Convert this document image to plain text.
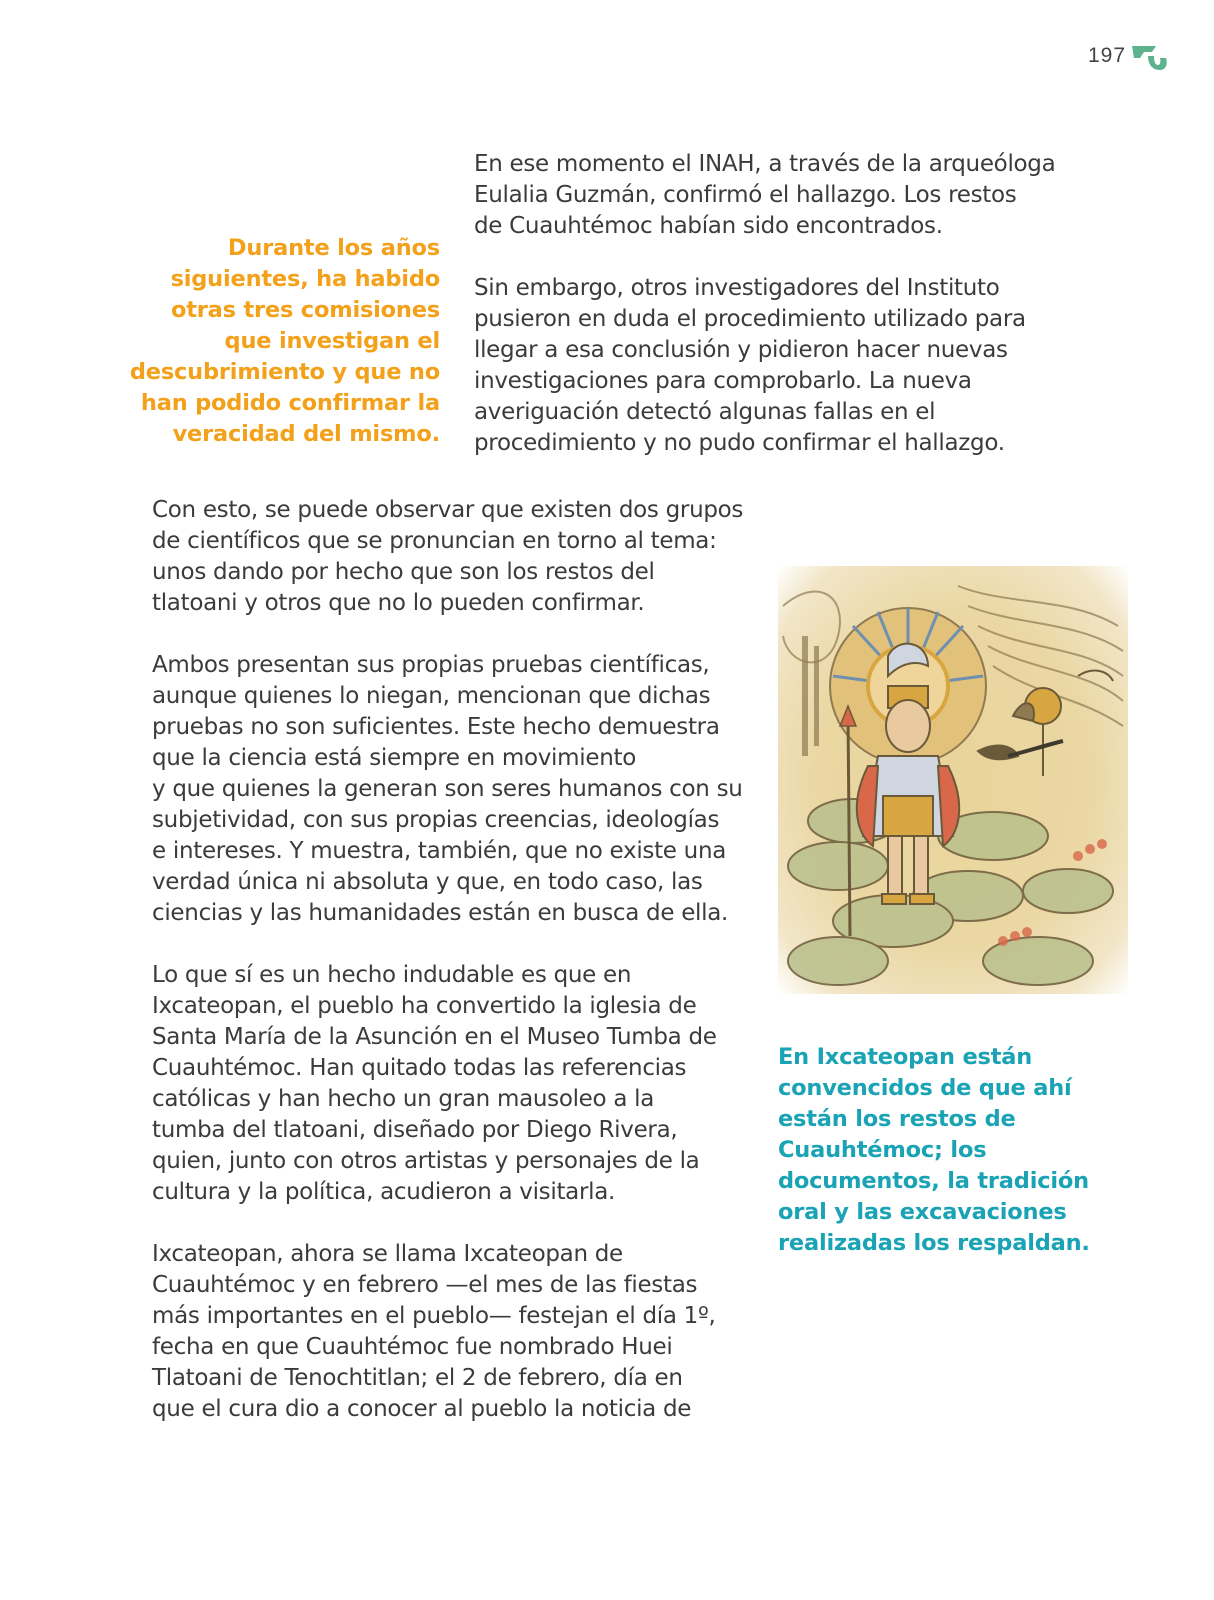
197

En ese momento el INAH, a través de la arqueóloga
Eulalia Guzmán, confirmó el hallazgo. Los restos
de Cuauhtémoc habían sido encontrados.

Sin embargo, otros investigadores del Instituto
pusieron en duda el procedimiento utilizado para
llegar a esa conclusión y pidieron hacer nuevas
investigaciones para comprobarlo. La nueva
averiguación detectó algunas fallas en el
procedimiento y no pudo confirmar el hallazgo.

Durante los años
siguientes, ha habido
otras tres comisiones
que investigan el
descubrimiento y que no
han podido confirmar la
veracidad del mismo.

Con esto, se puede observar que existen dos grupos
de científicos que se pronuncian en torno al tema:
unos dando por hecho que son los restos del
tlatoani y otros que no lo pueden confirmar.

Ambos presentan sus propias pruebas científicas,
aunque quienes lo niegan, mencionan que dichas
pruebas no son suficientes. Este hecho demuestra
que la ciencia está siempre en movimiento
y que quienes la generan son seres humanos con su
subjetividad, con sus propias creencias, ideologías
e intereses. Y muestra, también, que no existe una
verdad única ni absoluta y que, en todo caso, las
ciencias y las humanidades están en busca de ella.

Lo que sí es un hecho indudable es que en
Ixcateopan, el pueblo ha convertido la iglesia de
Santa María de la Asunción en el Museo Tumba de
Cuauhtémoc. Han quitado todas las referencias
católicas y han hecho un gran mausoleo a la
tumba del tlatoani, diseñado por Diego Rivera,
quien, junto con otros artistas y personajes de la
cultura y la política, acudieron a visitarla.

Ixcateopan, ahora se llama Ixcateopan de
Cuauhtémoc y en febrero —el mes de las fiestas
más importantes en el pueblo— festejan el día 1º,
fecha en que Cuauhtémoc fue nombrado Huei
Tlatoani de Tenochtitlan; el 2 de febrero, día en
que el cura dio a conocer al pueblo la noticia de

En Ixcateopan están
convencidos de que ahí
están los restos de
Cuauhtémoc; los
documentos, la tradición
oral y las excavaciones
realizadas los respaldan.
